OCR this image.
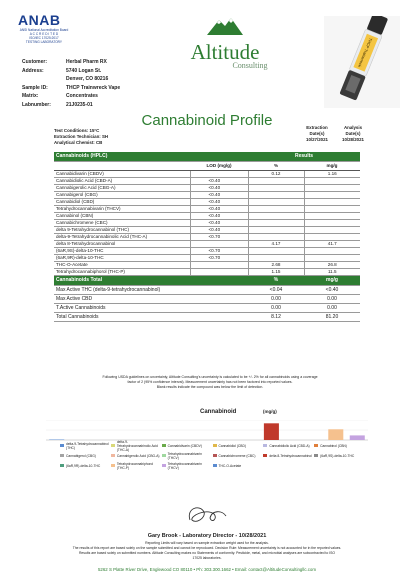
ANAB
ANSI National Accreditation Board
A C C R E D I T E D
ISO/IEC 17025:2017
TESTING LABORATORY	Altitude
Consulting	THCP Trainwreck
Customer:	Herbal Pharm RX
Address:	5740 Logan St.
Denver, CO 80216
Sample ID:	THCP Trainwreck Vape
Matrix:	Concentrates
Labnumber:	21J0235-01
Cannabinoid Profile
Test Conditions: 15°C
Extraction Technician: SH
Analytical Chemist: CB
Extraction
Date(s)
10/27/2021
Analysis
Date(s)
10/28/2021
Cannabinoids (HPLC)		Results	
	LOD (mg/g)	%	mg/g
Cannabidivarin (CBDV)		0.12	1.16
Cannabidiolic Acid (CBD-A)	<0.40		
Cannabigerolic Acid (CBG-A)	<0.40		
Cannabigerol (CBG)	<0.40		
Cannabidiol (CBD)	<0.40		
Tetrahydrocannabivarin (THCV)	<0.40		
Cannabinol (CBN)	<0.40		
Cannabichromene (CBC)	<0.40		
delta 9-Tetrahydrocannabinol (THC)	<0.40		
delta-9-Tetrahydrocannabinolic Acid (THC-A)	<0.70		
delta 8-Tetrahydrocannabinol		4.17	41.7
(6aR,9S)-delta-10-THC	<0.70		
(6aR,9R)-delta-10-THC	<0.70		
THC-O-Acetate		2.68	26.8
Tetrahydrocannabiphorol (THC-P)		1.15	11.5
Cannabinoids Total		%	mg/g
Max Active THC (delta-9-tetrahydrocannabinol)		<0.04	<0.40
Max Active CBD		0.00	0.00
T.Active Cannabinoids		0.00	0.00
Total Cannabinoids		8.12	81.20
Following USDA guidelines on uncertainty, Altitude Consulting's uncertainty is calculated to be +/- 2% for all cannabinoids using a coverage
factor of 2 (95% confidence interval). Measurement uncertainty has not been factored into reported values.
Blank results indicate the compound was below the limit of detection.
Cannabinoid	(mg/g)
delta-9-Tetrahydrocannabinol (THC)
delta-9-Tetrahydrocannabinolic Acid (THC-A)
Cannabidivarin (CBDV)	Cannabidiol (CBD)	Cannabidiolic Acid (CBD-A)	Cannabinol (CBN)
Cannabigerol (CBG)	Cannabigerolic Acid (CBG-A) Tetrahydrocannabivarin (THCV)	Cannabichromene (CBC)	delta 8-Tetrahydrocannabinol	(6aR,9S)-delta-10-THC
(6aR,9R)-delta-10-THC	Tetrahydrocannabiphorol (THC-P)
Tetrahydrocannabivarin (THCV)	THC-O-Acetate
Gary Brook - Laboratory Director - 10/28/2021
Reporting Limits will vary based on sample extraction weight used for the analysis.
The results of this report are based solely on the sample submitted and cannot be reproduced. Decision Rule: Measurement uncertainty is not accounted for in the reported values.
Results are based solely on submitted numbers. Altitude Consulting makes no Statements of conformity. Pesticide, metal, and microbial analyses are subcontracted to ISO
17025 laboratories.
5262 S Platte River Drive, Englewood CO 80110 • Ph: 303.300.1662 • Email: contact@AltitudeConsultingllc.com
